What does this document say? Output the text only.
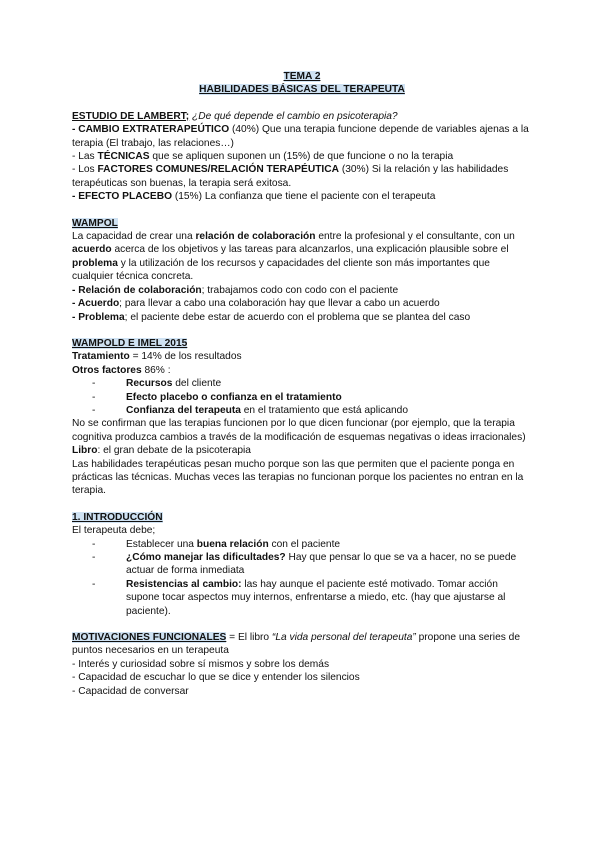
TEMA 2

HABILIDADES BÁSICAS DEL TERAPEUTA

ESTUDIO DE LAMBERT; ¿De qué depende el cambio en psicoterapia?

- CAMBIO EXTRATERAPEÚTICO (40%) Que una terapia funcione depende de variables ajenas a la terapia (El trabajo, las relaciones…)

- Las TÉCNICAS que se apliquen suponen un (15%) de que funcione o no la terapia

- Los FACTORES COMUNES/RELACIÓN TERAPÉUTICA (30%) Si la relación y las habilidades terapéuticas son buenas, la terapia será exitosa.

- EFECTO PLACEBO (15%) La confianza que tiene el paciente con el terapeuta

WAMPOL

La capacidad de crear una relación de colaboración entre la profesional y el consultante, con un acuerdo acerca de los objetivos y las tareas para alcanzarlos, una explicación plausible sobre el problema y la utilización de los recursos y capacidades del cliente son más importantes que cualquier técnica concreta.

- Relación de colaboración; trabajamos codo con codo con el paciente

- Acuerdo; para llevar a cabo una colaboración hay que llevar a cabo un acuerdo

- Problema; el paciente debe estar de acuerdo con el problema que se plantea del caso

WAMPOLD E IMEL 2015

Tratamiento = 14% de los resultados

Otros factores 86% :

- Recursos del cliente
- Efecto placebo o confianza en el tratamiento
- Confianza del terapeuta en el tratamiento que está aplicando

No se confirman que las terapias funcionen por lo que dicen funcionar (por ejemplo, que la terapia cognitiva produzca cambios a través de la modificación de esquemas negativas o ideas irracionales)

Libro: el gran debate de la psicoterapia

Las habilidades terapéuticas pesan mucho porque son las que permiten que el paciente ponga en prácticas las técnicas. Muchas veces las terapias no funcionan porque los pacientes no entran en la terapia.

1. INTRODUCCIÓN

El terapeuta debe;

- Establecer una buena relación con el paciente
- ¿Cómo manejar las dificultades? Hay que pensar lo que se va a hacer, no se puede actuar de forma inmediata
- Resistencias al cambio: las hay aunque el paciente esté motivado. Tomar acción supone tocar aspectos muy internos, enfrentarse a miedo, etc. (hay que ajustarse al paciente).

MOTIVACIONES FUNCIONALES = El libro “La vida personal del terapeuta” propone una series de puntos necesarios en un terapeuta

- Interés y curiosidad sobre sí mismos y sobre los demás

- Capacidad de escuchar lo que se dice y entender los silencios

- Capacidad de conversar
